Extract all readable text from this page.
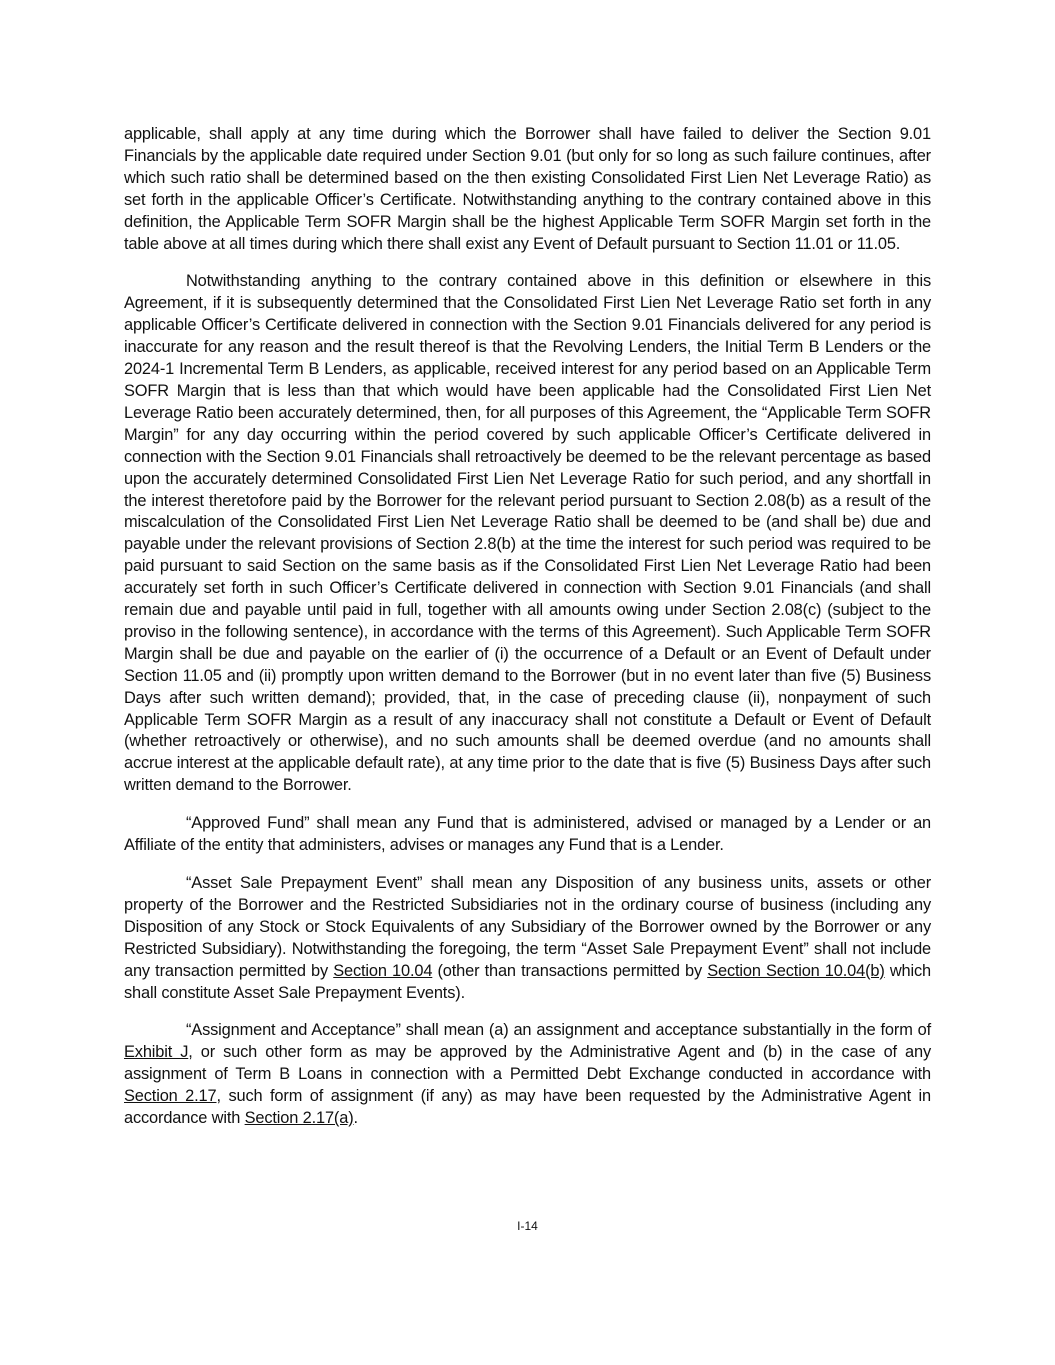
applicable, shall apply at any time during which the Borrower shall have failed to deliver the Section 9.01 Financials by the applicable date required under Section 9.01 (but only for so long as such failure continues, after which such ratio shall be determined based on the then existing Consolidated First Lien Net Leverage Ratio) as set forth in the applicable Officer’s Certificate. Notwithstanding anything to the contrary contained above in this definition, the Applicable Term SOFR Margin shall be the highest Applicable Term SOFR Margin set forth in the table above at all times during which there shall exist any Event of Default pursuant to Section 11.01 or 11.05.

Notwithstanding anything to the contrary contained above in this definition or elsewhere in this Agreement, if it is subsequently determined that the Consolidated First Lien Net Leverage Ratio set forth in any applicable Officer’s Certificate delivered in connection with the Section 9.01 Financials delivered for any period is inaccurate for any reason and the result thereof is that the Revolving Lenders, the Initial Term B Lenders or the 2024-1 Incremental Term B Lenders, as applicable, received interest for any period based on an Applicable Term SOFR Margin that is less than that which would have been applicable had the Consolidated First Lien Net Leverage Ratio been accurately determined, then, for all purposes of this Agreement, the “Applicable Term SOFR Margin” for any day occurring within the period covered by such applicable Officer’s Certificate delivered in connection with the Section 9.01 Financials shall retroactively be deemed to be the relevant percentage as based upon the accurately determined Consolidated First Lien Net Leverage Ratio for such period, and any shortfall in the interest theretofore paid by the Borrower for the relevant period pursuant to Section 2.08(b) as a result of the miscalculation of the Consolidated First Lien Net Leverage Ratio shall be deemed to be (and shall be) due and payable under the relevant provisions of Section 2.8(b) at the time the interest for such period was required to be paid pursuant to said Section on the same basis as if the Consolidated First Lien Net Leverage Ratio had been accurately set forth in such Officer’s Certificate delivered in connection with Section 9.01 Financials (and shall remain due and payable until paid in full, together with all amounts owing under Section 2.08(c) (subject to the proviso in the following sentence), in accordance with the terms of this Agreement). Such Applicable Term SOFR Margin shall be due and payable on the earlier of (i) the occurrence of a Default or an Event of Default under Section 11.05 and (ii) promptly upon written demand to the Borrower (but in no event later than five (5) Business Days after such written demand); provided, that, in the case of preceding clause (ii), nonpayment of such Applicable Term SOFR Margin as a result of any inaccuracy shall not constitute a Default or Event of Default (whether retroactively or otherwise), and no such amounts shall be deemed overdue (and no amounts shall accrue interest at the applicable default rate), at any time prior to the date that is five (5) Business Days after such written demand to the Borrower.

“Approved Fund” shall mean any Fund that is administered, advised or managed by a Lender or an Affiliate of the entity that administers, advises or manages any Fund that is a Lender.

“Asset Sale Prepayment Event” shall mean any Disposition of any business units, assets or other property of the Borrower and the Restricted Subsidiaries not in the ordinary course of business (including any Disposition of any Stock or Stock Equivalents of any Subsidiary of the Borrower owned by the Borrower or any Restricted Subsidiary). Notwithstanding the foregoing, the term “Asset Sale Prepayment Event” shall not include any transaction permitted by Section 10.04 (other than transactions permitted by Section Section 10.04(b) which shall constitute Asset Sale Prepayment Events).

“Assignment and Acceptance” shall mean (a) an assignment and acceptance substantially in the form of Exhibit J, or such other form as may be approved by the Administrative Agent and (b) in the case of any assignment of Term B Loans in connection with a Permitted Debt Exchange conducted in accordance with Section 2.17, such form of assignment (if any) as may have been requested by the Administrative Agent in accordance with Section 2.17(a).

I-14
